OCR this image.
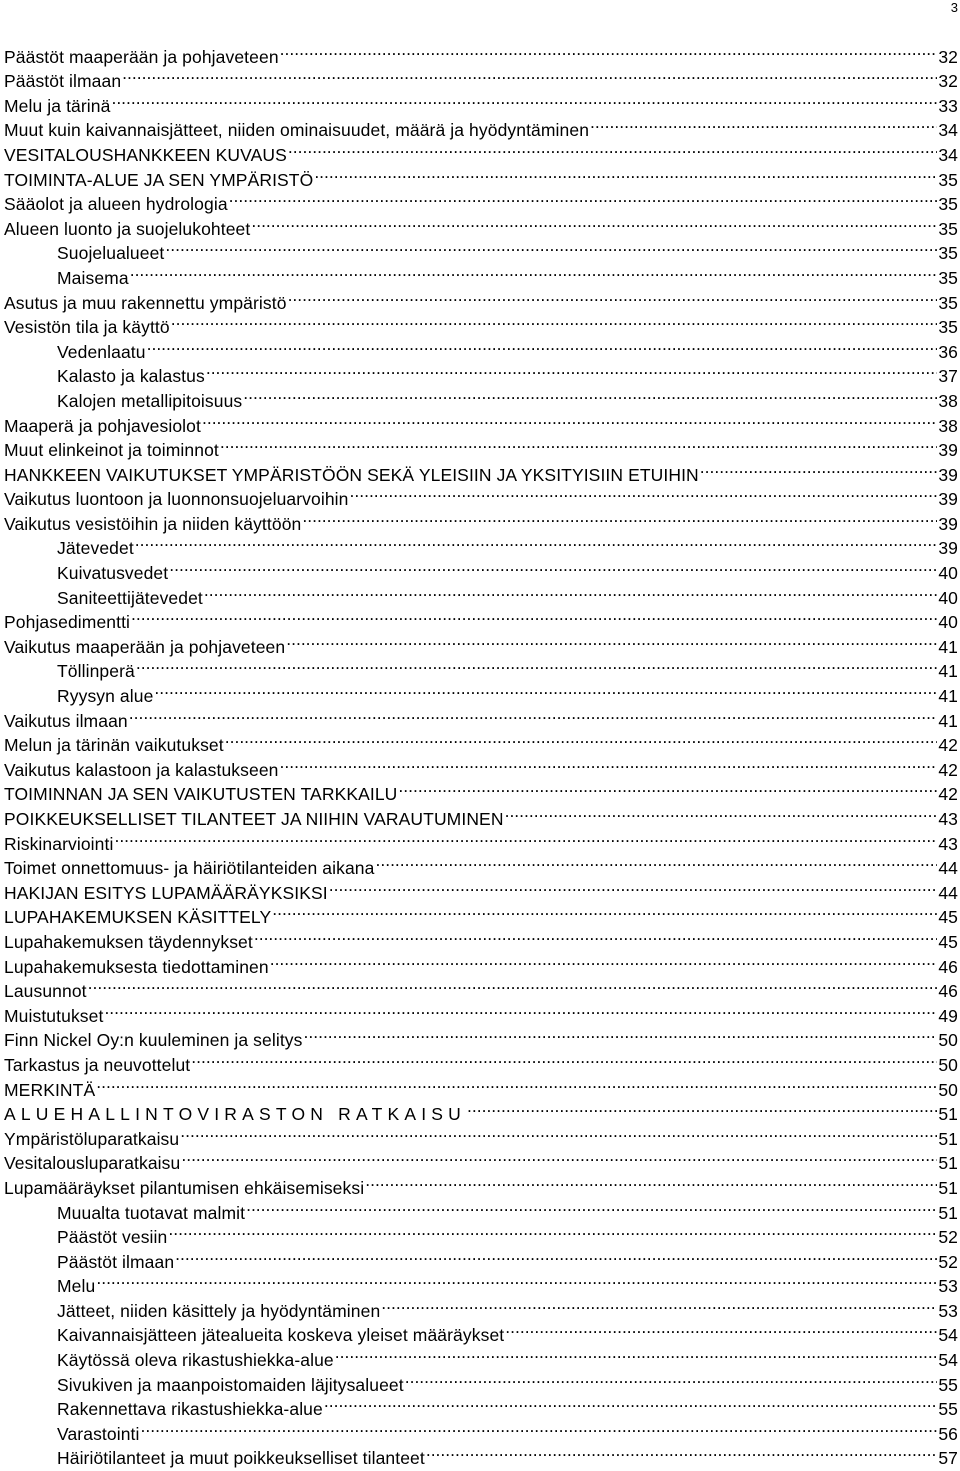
3
Päästöt maaperään ja pohjaveteen .....	32
Päästöt ilmaan .....	32
Melu ja tärinä .....	33
Muut kuin kaivannaisjätteet, niiden ominaisuudet, määrä ja hyödyntäminen .....	34
VESITALOUSHANKKEEN KUVAUS .....	34
TOIMINTA-ALUE JA SEN YMPÄRISTÖ .....	35
Sääolot ja alueen hydrologia .....	35
Alueen luonto ja suojelukohteet .....	35
Suojelualueet .....	35
Maisema .....	35
Asutus ja muu rakennettu ympäristö .....	35
Vesistön tila ja käyttö .....	35
Vedenlaatu .....	36
Kalasto ja kalastus .....	37
Kalojen metallipitoisuus .....	38
Maaperä ja pohjavesiolot .....	38
Muut elinkeinot ja toiminnot .....	39
HANKKEEN VAIKUTUKSET YMPÄRISTÖÖN SEKÄ YLEISIIN JA YKSITYISIIN ETUIHIN .....	39
Vaikutus luontoon ja luonnonsuojeluarvoihin .....	39
Vaikutus vesistöihin ja niiden käyttöön .....	39
Jätevedet .....	39
Kuivatusvedet .....	40
Saniteettijätevedet .....	40
Pohjasedimentti .....	40
Vaikutus maaperään ja pohjaveteen .....	41
Töllinperä .....	41
Ryysyn alue .....	41
Vaikutus ilmaan .....	41
Melun ja tärinän vaikutukset .....	42
Vaikutus kalastoon ja kalastukseen .....	42
TOIMINNAN JA SEN VAIKUTUSTEN TARKKAILU .....	42
POIKKEUKSELLISET TILANTEET JA NIIHIN VARAUTUMINEN .....	43
Riskinarviointi .....	43
Toimet onnettomuus- ja häiriötilanteiden aikana .....	44
HAKIJAN ESITYS LUPAMÄÄRÄYKSIKSI .....	44
LUPAHAKEMUKSEN KÄSITTELY .....	45
Lupahakemuksen täydennykset .....	45
Lupahakemuksesta tiedottaminen .....	46
Lausunnot .....	46
Muistutukset .....	49
Finn Nickel Oy:n kuuleminen ja selitys .....	50
Tarkastus ja neuvottelut .....	50
MERKINTÄ .....	50
ALUEHALLINTOVIRASTON RATKAISU .....	51
Ympäristöluparatkaisu .....	51
Vesitalousluparatkaisu .....	51
Lupamääräykset pilantumisen ehkäisemiseksi .....	51
Muualta tuotavat malmit .....	51
Päästöt vesiin .....	52
Päästöt ilmaan .....	52
Melu .....	53
Jätteet, niiden käsittely ja hyödyntäminen .....	53
Kaivannaisjätteen jätealueita koskeva yleiset määräykset .....	54
Käytössä oleva rikastushiekka-alue .....	54
Sivukiven ja maanpoistomaiden läjitysalueet .....	55
Rakennettava rikastushiekka-alue .....	55
Varastointi .....	56
Häiriötilanteet ja muut poikkeukselliset tilanteet .....	57
